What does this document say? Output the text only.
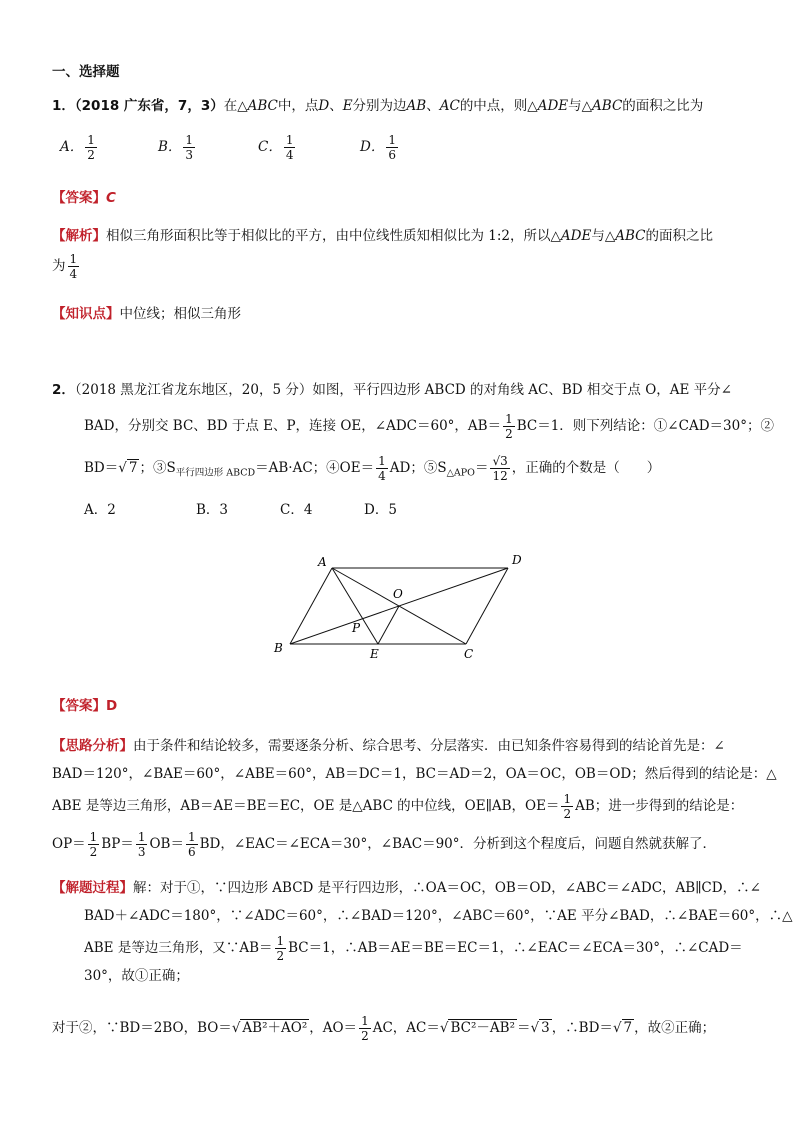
一、选择题
1．（2018 广东省，7，3）在△ABC中，点D、E分别为边AB、AC的中点，则△ADE与△ABC的面积之比为
A． $\frac{1}{2}$	B． $\frac{1}{3}$	C． $\frac{1}{4}$	D． $\frac{1}{6}$
【答案】C
【解析】相似三角形面积比等于相似比的平方，由中位线性质知相似比为 1:2，所以△ADE与△ABC的面积之比
为 $\frac{1}{4}$
【知识点】中位线；相似三角形
2．（2018 黑龙江省龙东地区，20，5 分）如图，平行四边形 ABCD 的对角线 AC、BD 相交于点 O，AE 平分∠
BAD，分别交 BC、BD 于点 E、P，连接 OE，∠ADC＝60°，$AB= \frac{1}{2} BC=1$．则下列结论：①∠CAD＝30°；②
BD＝√ 7 ；$③S_{平行四边形 ABCD}=AB\cdot AC$；④OE＝ $\frac{1}{4}$ AD；$⑤S_{\triangle APO}= \frac{√3}{12}$ ，正确的个数是（　　）
A．2	B．3	C．4	D．5
A	D
B	C
E
O
P
【答案】D
【思路分析】由于条件和结论较多，需要逐条分析、综合思考、分层落实．由已知条件容易得到的结论首先是：∠
BAD＝120°，∠BAE＝60°，∠ABE＝60°，AB＝DC＝1，BC＝AD＝2，OA＝OC，OB＝OD；然后得到的结论是：△
ABE 是等边三角形，AB＝AE＝BE＝EC，OE 是△ABC 的中位线，OE∥AB，$OE= \frac{1}{2}$ AB；进一步得到的结论是：
$OP= \frac{1}{2} BP= \frac{1}{3} OB= \frac{1}{6}$ BD，∠EAC＝∠ECA＝30°，∠BAC＝90°．分析到这个程度后，问题自然就获解了．
【解题过程】解：对于①，∵四边形 ABCD 是平行四边形，∴OA＝OC，OB＝OD，∠ABC＝∠ADC，AB∥CD，∴∠
BAD＋∠ADC＝180°，∵∠ADC＝60°，∴∠BAD＝120°，∠ABC＝60°，∵AE 平分∠BAD，∴∠BAE＝60°，∴△
ABE 是等边三角形，又∵AB＝ $\frac{1}{2} BC=1$，∴AB＝AE＝BE＝EC＝1，∴∠EAC＝∠ECA＝30°，∴∠CAD＝
30°，故①正确；
对于②，∵BD＝2BO，BO＝√ AB²＋AO² ，$AO= \frac{1}{2}$ AC，AC＝√ BC²－AB² ＝√ 3 ，∴BD＝√ 7 ，故②正确；
